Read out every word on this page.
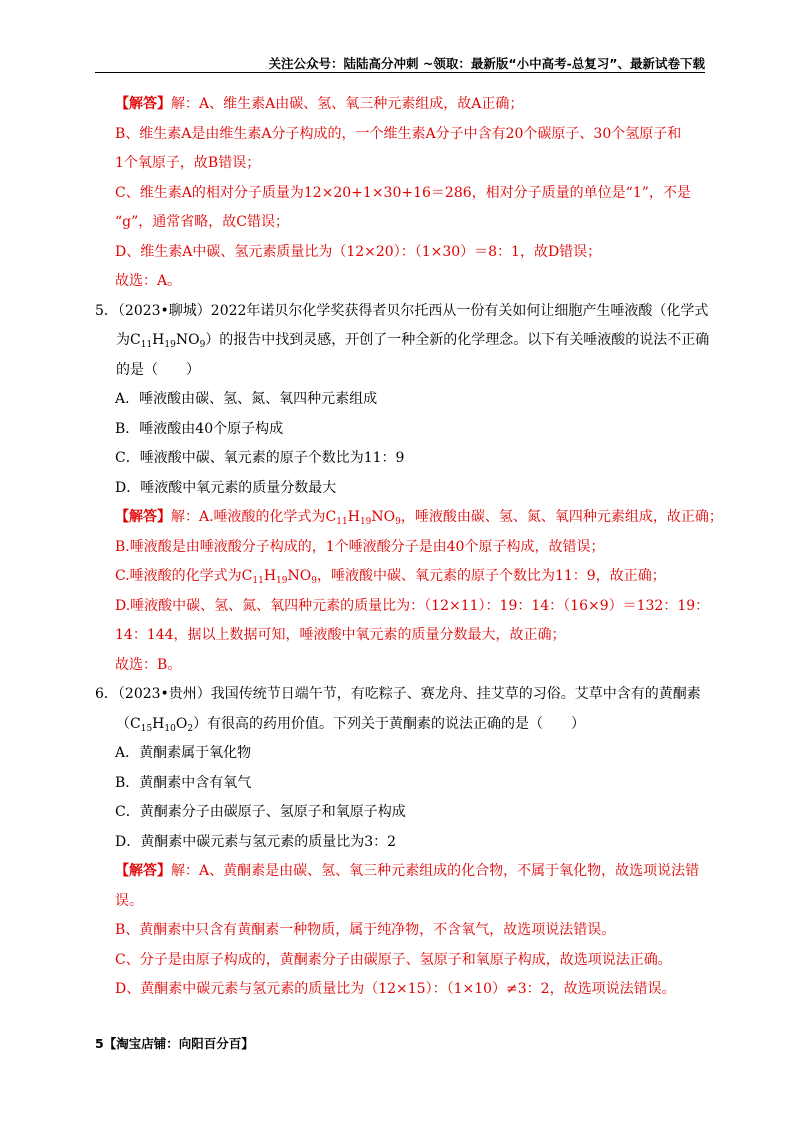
关注公众号：陆陆高分冲刺 ~领取：最新版“小中高考-总复习”、最新试卷下载
【解答】解：A、维生素A由碳、氢、氧三种元素组成，故A正确；
B、维生素A是由维生素A分子构成的，一个维生素A分子中含有20个碳原子、30个氢原子和
1个氧原子，故B错误；
C、维生素A的相对分子质量为12×20+1×30+16＝286，相对分子质量的单位是“1”，不是
“g”，通常省略，故C错误；
D、维生素A中碳、氢元素质量比为（12×20）：（1×30）＝8：1，故D错误；
故选：A。
5．（2023•聊城）2022年诺贝尔化学奖获得者贝尔托西从一份有关如何让细胞产生唾液酸（化学式
为$C_{11}H_{19}NO_9$）的报告中找到灵感，开创了一种全新的化学理念。以下有关唾液酸的说法不正确
的是（　　）
A．唾液酸由碳、氢、氮、氧四种元素组成
B．唾液酸由40个原子构成
C．唾液酸中碳、氧元素的原子个数比为11：9
D．唾液酸中氧元素的质量分数最大
【解答】解：A.唾液酸的化学式为$C_{11}H_{19}NO_9$，唾液酸由碳、氢、氮、氧四种元素组成，故正确；
B.唾液酸是由唾液酸分子构成的，1个唾液酸分子是由40个原子构成，故错误；
C.唾液酸的化学式为$C_{11}H_{19}NO_9$，唾液酸中碳、氧元素的原子个数比为11：9，故正确；
D.唾液酸中碳、氢、氮、氧四种元素的质量比为：（12×11）：19：14：（16×9）＝132：19：
14：144，据以上数据可知，唾液酸中氧元素的质量分数最大，故正确；
故选：B。
6．（2023•贵州）我国传统节日端午节，有吃粽子、赛龙舟、挂艾草的习俗。艾草中含有的黄酮素
$(C_{15}H_{10}O_2)$有很高的药用价值。下列关于黄酮素的说法正确的是（　　）
A．黄酮素属于氧化物
B．黄酮素中含有氧气
C．黄酮素分子由碳原子、氢原子和氧原子构成
D．黄酮素中碳元素与氢元素的质量比为3：2
【解答】解：A、黄酮素是由碳、氢、氧三种元素组成的化合物，不属于氧化物，故选项说法错
误。
B、黄酮素中只含有黄酮素一种物质，属于纯净物，不含氧气，故选项说法错误。
C、分子是由原子构成的，黄酮素分子由碳原子、氢原子和氧原子构成，故选项说法正确。
D、黄酮素中碳元素与氢元素的质量比为（12×15）：（1×10）≠3：2，故选项说法错误。
5【淘宝店铺：向阳百分百】
